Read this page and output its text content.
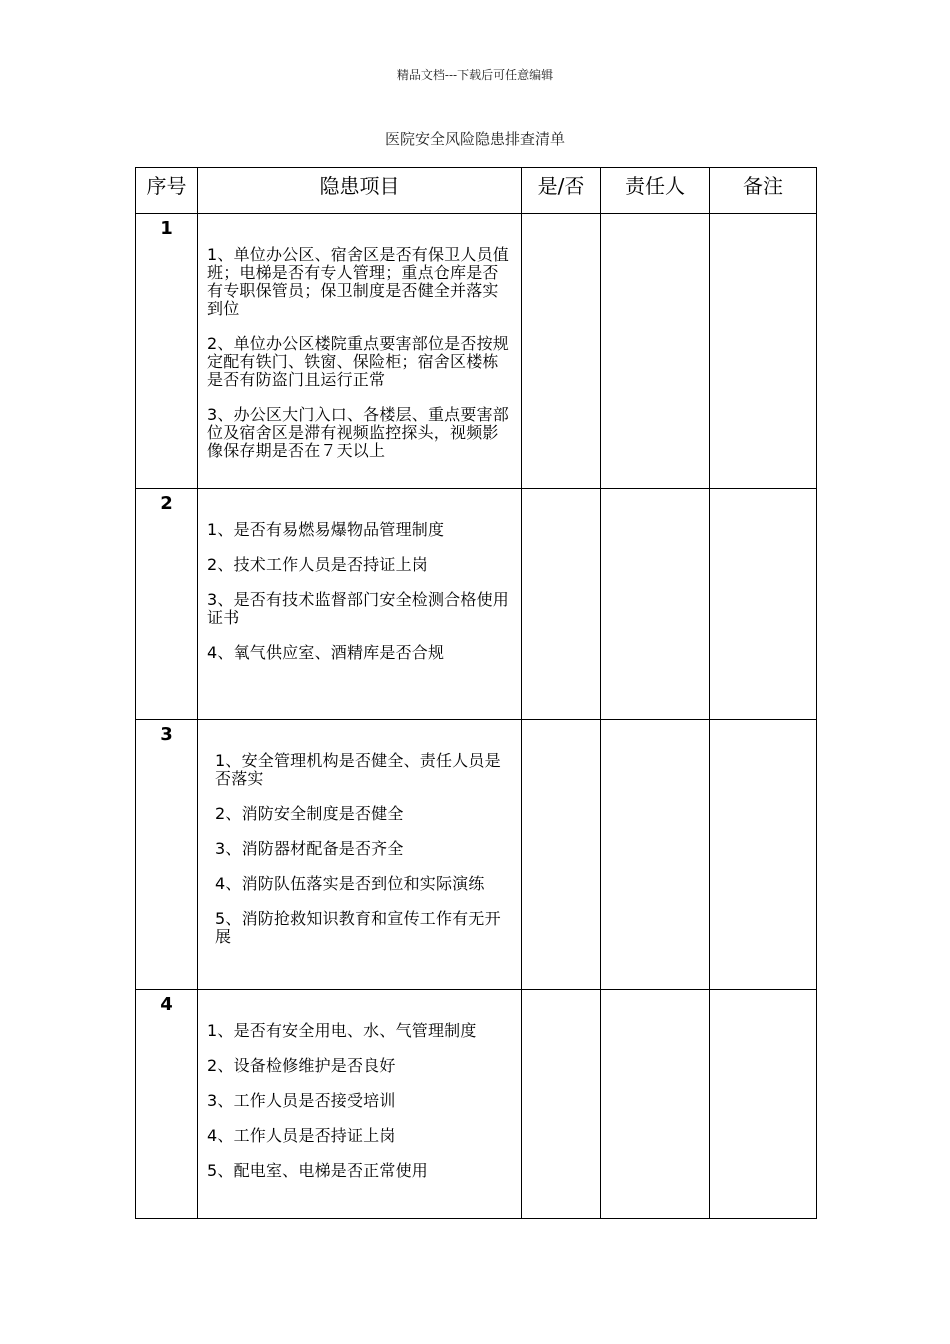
精品文档---下载后可任意编辑
医院安全风险隐患排查清单
序号	隐患项目	是/否	责任人	备注

1	1、单位办公区、宿舍区是否有保卫人员值班；电梯是否有专人管理；重点仓库是否有专职保管员；保卫制度是否健全并落实到位
2、单位办公区楼院重点要害部位是否按规定配有铁门、铁窗、保险柜；宿舍区楼栋是否有防盗门且运行正常
3、办公区大门入口、各楼层、重点要害部位及宿舍区是滞有视频监控探头，视频影像保存期是否在７天以上			

2	1、是否有易燃易爆物品管理制度
2、技术工作人员是否持证上岗
3、是否有技术监督部门安全检测合格使用 证书
4、氧气供应室、酒精库是否合规			

3	1、安全管理机构是否健全、责任人员是否落实
2、消防安全制度是否健全
3、消防器材配备是否齐全
4、消防队伍落实是否到位和实际演练
5、消防抢救知识教育和宣传工作有无开展			

4	1、是否有安全用电、水、气管理制度
2、设备检修维护是否良好
3、工作人员是否接受培训
4、工作人员是否持证上岗
5、配电室、电梯是否正常使用			
